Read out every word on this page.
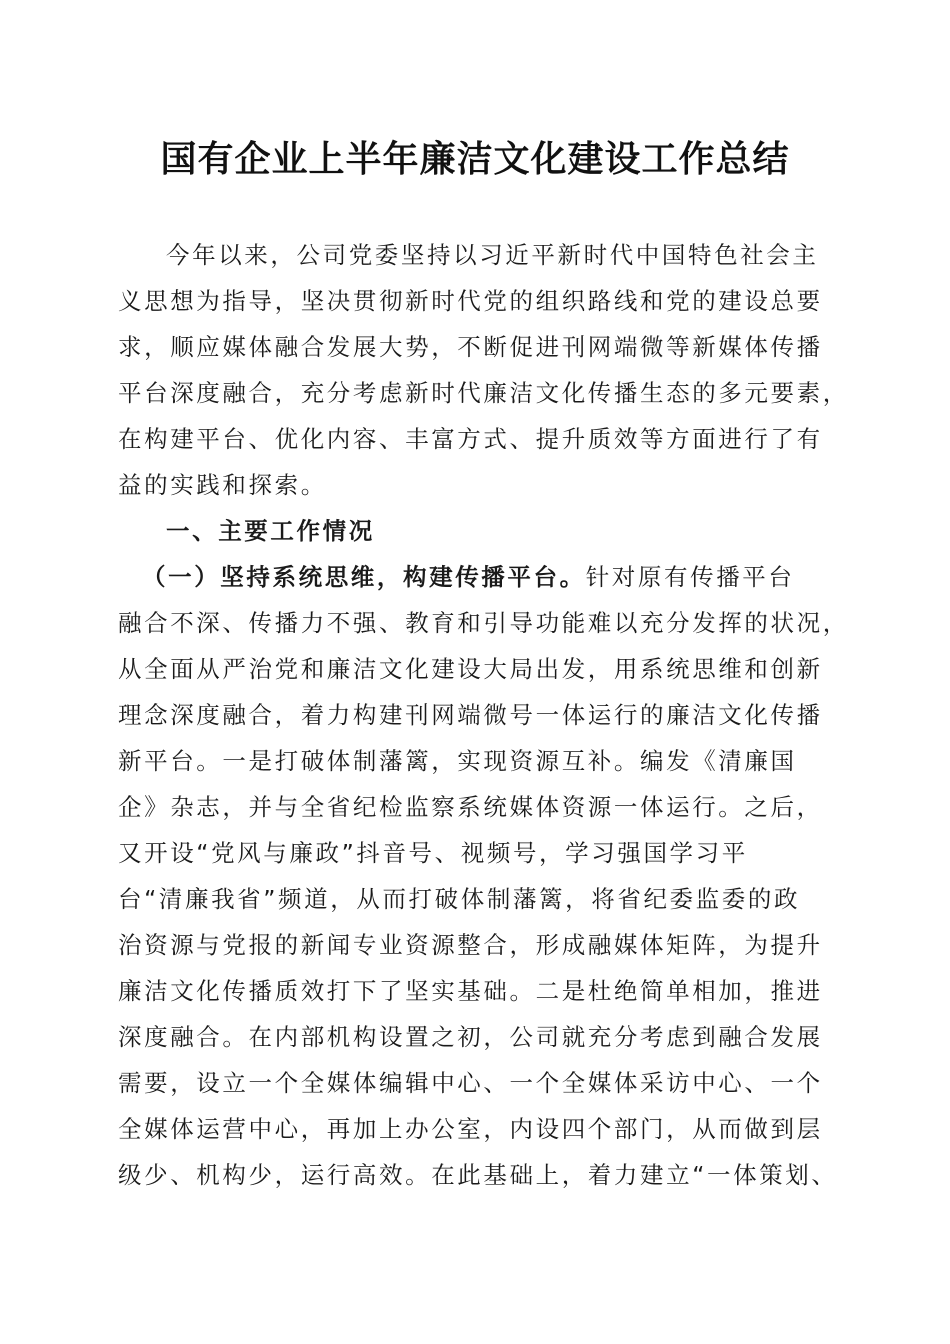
国有企业上半年廉洁文化建设工作总结
今年以来，公司党委坚持以习近平新时代中国特色社会主
义思想为指导，坚决贯彻新时代党的组织路线和党的建设总要
求，顺应媒体融合发展大势，不断促进刊网端微等新媒体传播
平台深度融合，充分考虑新时代廉洁文化传播生态的多元要素，
在构建平台、优化内容、丰富方式、提升质效等方面进行了有
益的实践和探索。
一、主要工作情况
（一）坚持系统思维，构建传播平台。针对原有传播平台
融合不深、传播力不强、教育和引导功能难以充分发挥的状况，
从全面从严治党和廉洁文化建设大局出发，用系统思维和创新
理念深度融合，着力构建刊网端微号一体运行的廉洁文化传播
新平台。一是打破体制藩篱，实现资源互补。编发《清廉国
企》杂志，并与全省纪检监察系统媒体资源一体运行。之后，
又开设“党风与廉政”抖音号、视频号，学习强国学习平
台“清廉我省”频道，从而打破体制藩篱，将省纪委监委的政
治资源与党报的新闻专业资源整合，形成融媒体矩阵，为提升
廉洁文化传播质效打下了坚实基础。二是杜绝简单相加，推进
深度融合。在内部机构设置之初，公司就充分考虑到融合发展
需要，设立一个全媒体编辑中心、一个全媒体采访中心、一个
全媒体运营中心，再加上办公室，内设四个部门，从而做到层
级少、机构少，运行高效。在此基础上，着力建立“一体策划、
